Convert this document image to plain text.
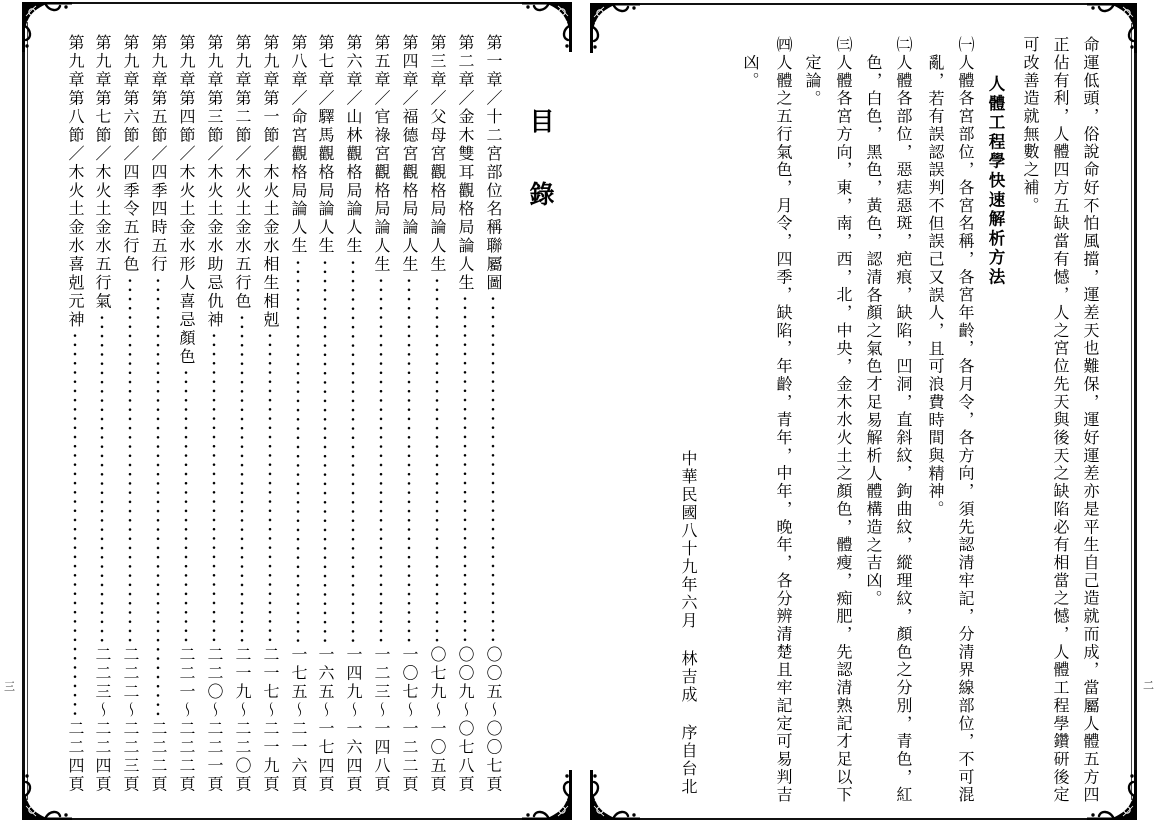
目錄
第一章／十二宮部位名稱聯屬圖
〇〇五～〇〇七頁
第二章／金木雙耳觀格局論人生
〇〇九～〇七八頁
第三章／父母宮觀格局論人生
〇七九～一〇五頁
第四章／福德宮觀格局論人生
一〇七～一二二頁
第五章／官祿宮觀格局論人生
一二三～一四八頁
第六章／山林觀格局論人生
一四九～一六四頁
第七章／驛馬觀格局論人生
一六五～一七四頁
第八章／命宮觀格局論人生
一七五～二一六頁
第九章第一節／木火土金水相生相剋
二一七～二一九頁
第九章第二節／木火土金水五行色
二一九～二二〇頁
第九章第三節／木火土金水助忌仇神
二二〇～二二一頁
第九章第四節／木火土金水形人喜忌顏色
二二一～二二二頁
第九章第五節／四季四時五行
二二二頁
第九章第六節／四季令五行色
二二二～二二三頁
第九章第七節／木火土金水五行氣
二二三～二二四頁
第九章第八節／木火土金水喜剋元神
二二四頁
三	命運低頭，俗說命好不怕風擋，運差天也難保，運好運差亦是平生自己造就而成，當屬人體五方四
正佔有利，人體四方五缺當有憾，人之宮位先天與後天之缺陷必有相當之憾，人體工程學鑽研後定
可改善造就無數之補。
人體工程學快速解析方法
㈠人體各宮部位，各宮名稱，各宮年齡，各月令，各方向，須先認清牢記，分清界線部位，不可混
亂，若有誤認誤判不但誤己又誤人，且可浪費時間與精神。
㈡人體各部位，惡痣惡斑，疤痕，缺陷，凹洞，直斜紋，鉤曲紋，縱理紋，顏色之分別，青色，紅
色，白色，黑色，黃色，認清各顏之氣色才足易解析人體構造之吉凶。
㈢人體各宮方向，東，南，西，北，中央，金木水火土之顏色，體瘦，痴肥，先認清熟記才足以下
定論。
㈣人體之五行氣色，月令，四季，缺陷，年齡，青年，中年，晚年，各分辨清楚且牢記定可易判吉
凶。
中華民國八十九年六月
林吉成
序自台北
二
